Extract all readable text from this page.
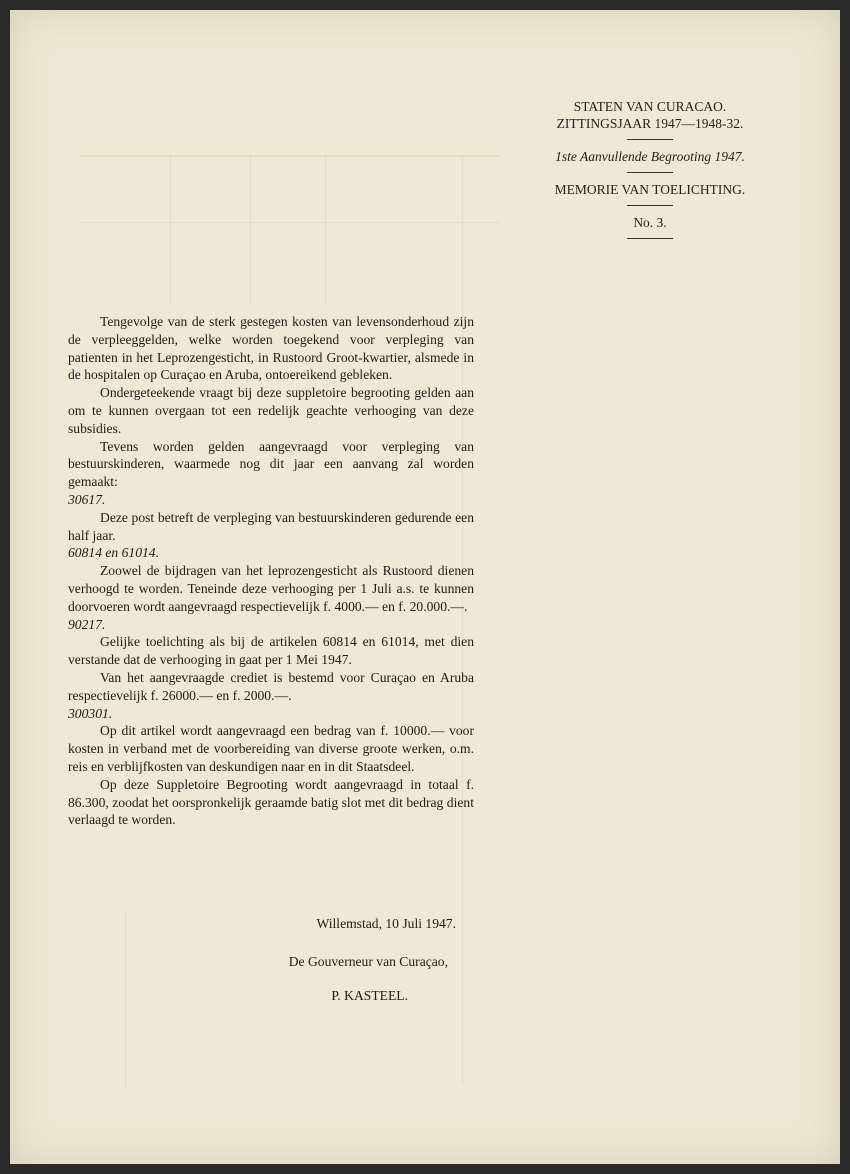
STATEN VAN CURACAO.
ZITTINGSJAAR 1947—1948-32.
1ste Aanvullende Begrooting 1947.
MEMORIE VAN TOELICHTING.
No. 3.

Tengevolge van de sterk gestegen kosten van levensonderhoud zijn de verpleeggelden, welke worden toegekend voor verpleging van patienten in het Leprozengesticht, in Rustoord Groot-kwartier, alsmede in de hospitalen op Curaçao en Aruba, ontoereikend gebleken.

Ondergeteekende vraagt bij deze suppletoire begrooting gelden aan om te kunnen overgaan tot een redelijk geachte verhooging van deze subsidies.

Tevens worden gelden aangevraagd voor verpleging van bestuurskinderen, waarmede nog dit jaar een aanvang zal worden gemaakt:

30617.

Deze post betreft de verpleging van bestuurskinderen gedurende een half jaar.

60814 en 61014.

Zoowel de bijdragen van het leprozengesticht als Rustoord dienen verhoogd te worden. Teneinde deze verhooging per 1 Juli a.s. te kunnen doorvoeren wordt aangevraagd respectievelijk f. 4000.— en f. 20.000.—.

90217.

Gelijke toelichting als bij de artikelen 60814 en 61014, met dien verstande dat de verhooging in gaat per 1 Mei 1947.

Van het aangevraagde crediet is bestemd voor Curaçao en Aruba respectievelijk f. 26000.— en f. 2000.—.

300301.

Op dit artikel wordt aangevraagd een bedrag van f. 10000.— voor kosten in verband met de voorbereiding van diverse groote werken, o.m. reis en verblijfkosten van deskundigen naar en in dit Staatsdeel.

Op deze Suppletoire Begrooting wordt aangevraagd in totaal f. 86.300, zoodat het oorspronkelijk geraamde batig slot met dit bedrag dient verlaagd te worden.

Willemstad, 10 Juli 1947.
De Gouverneur van Curaçao,
P. KASTEEL.
